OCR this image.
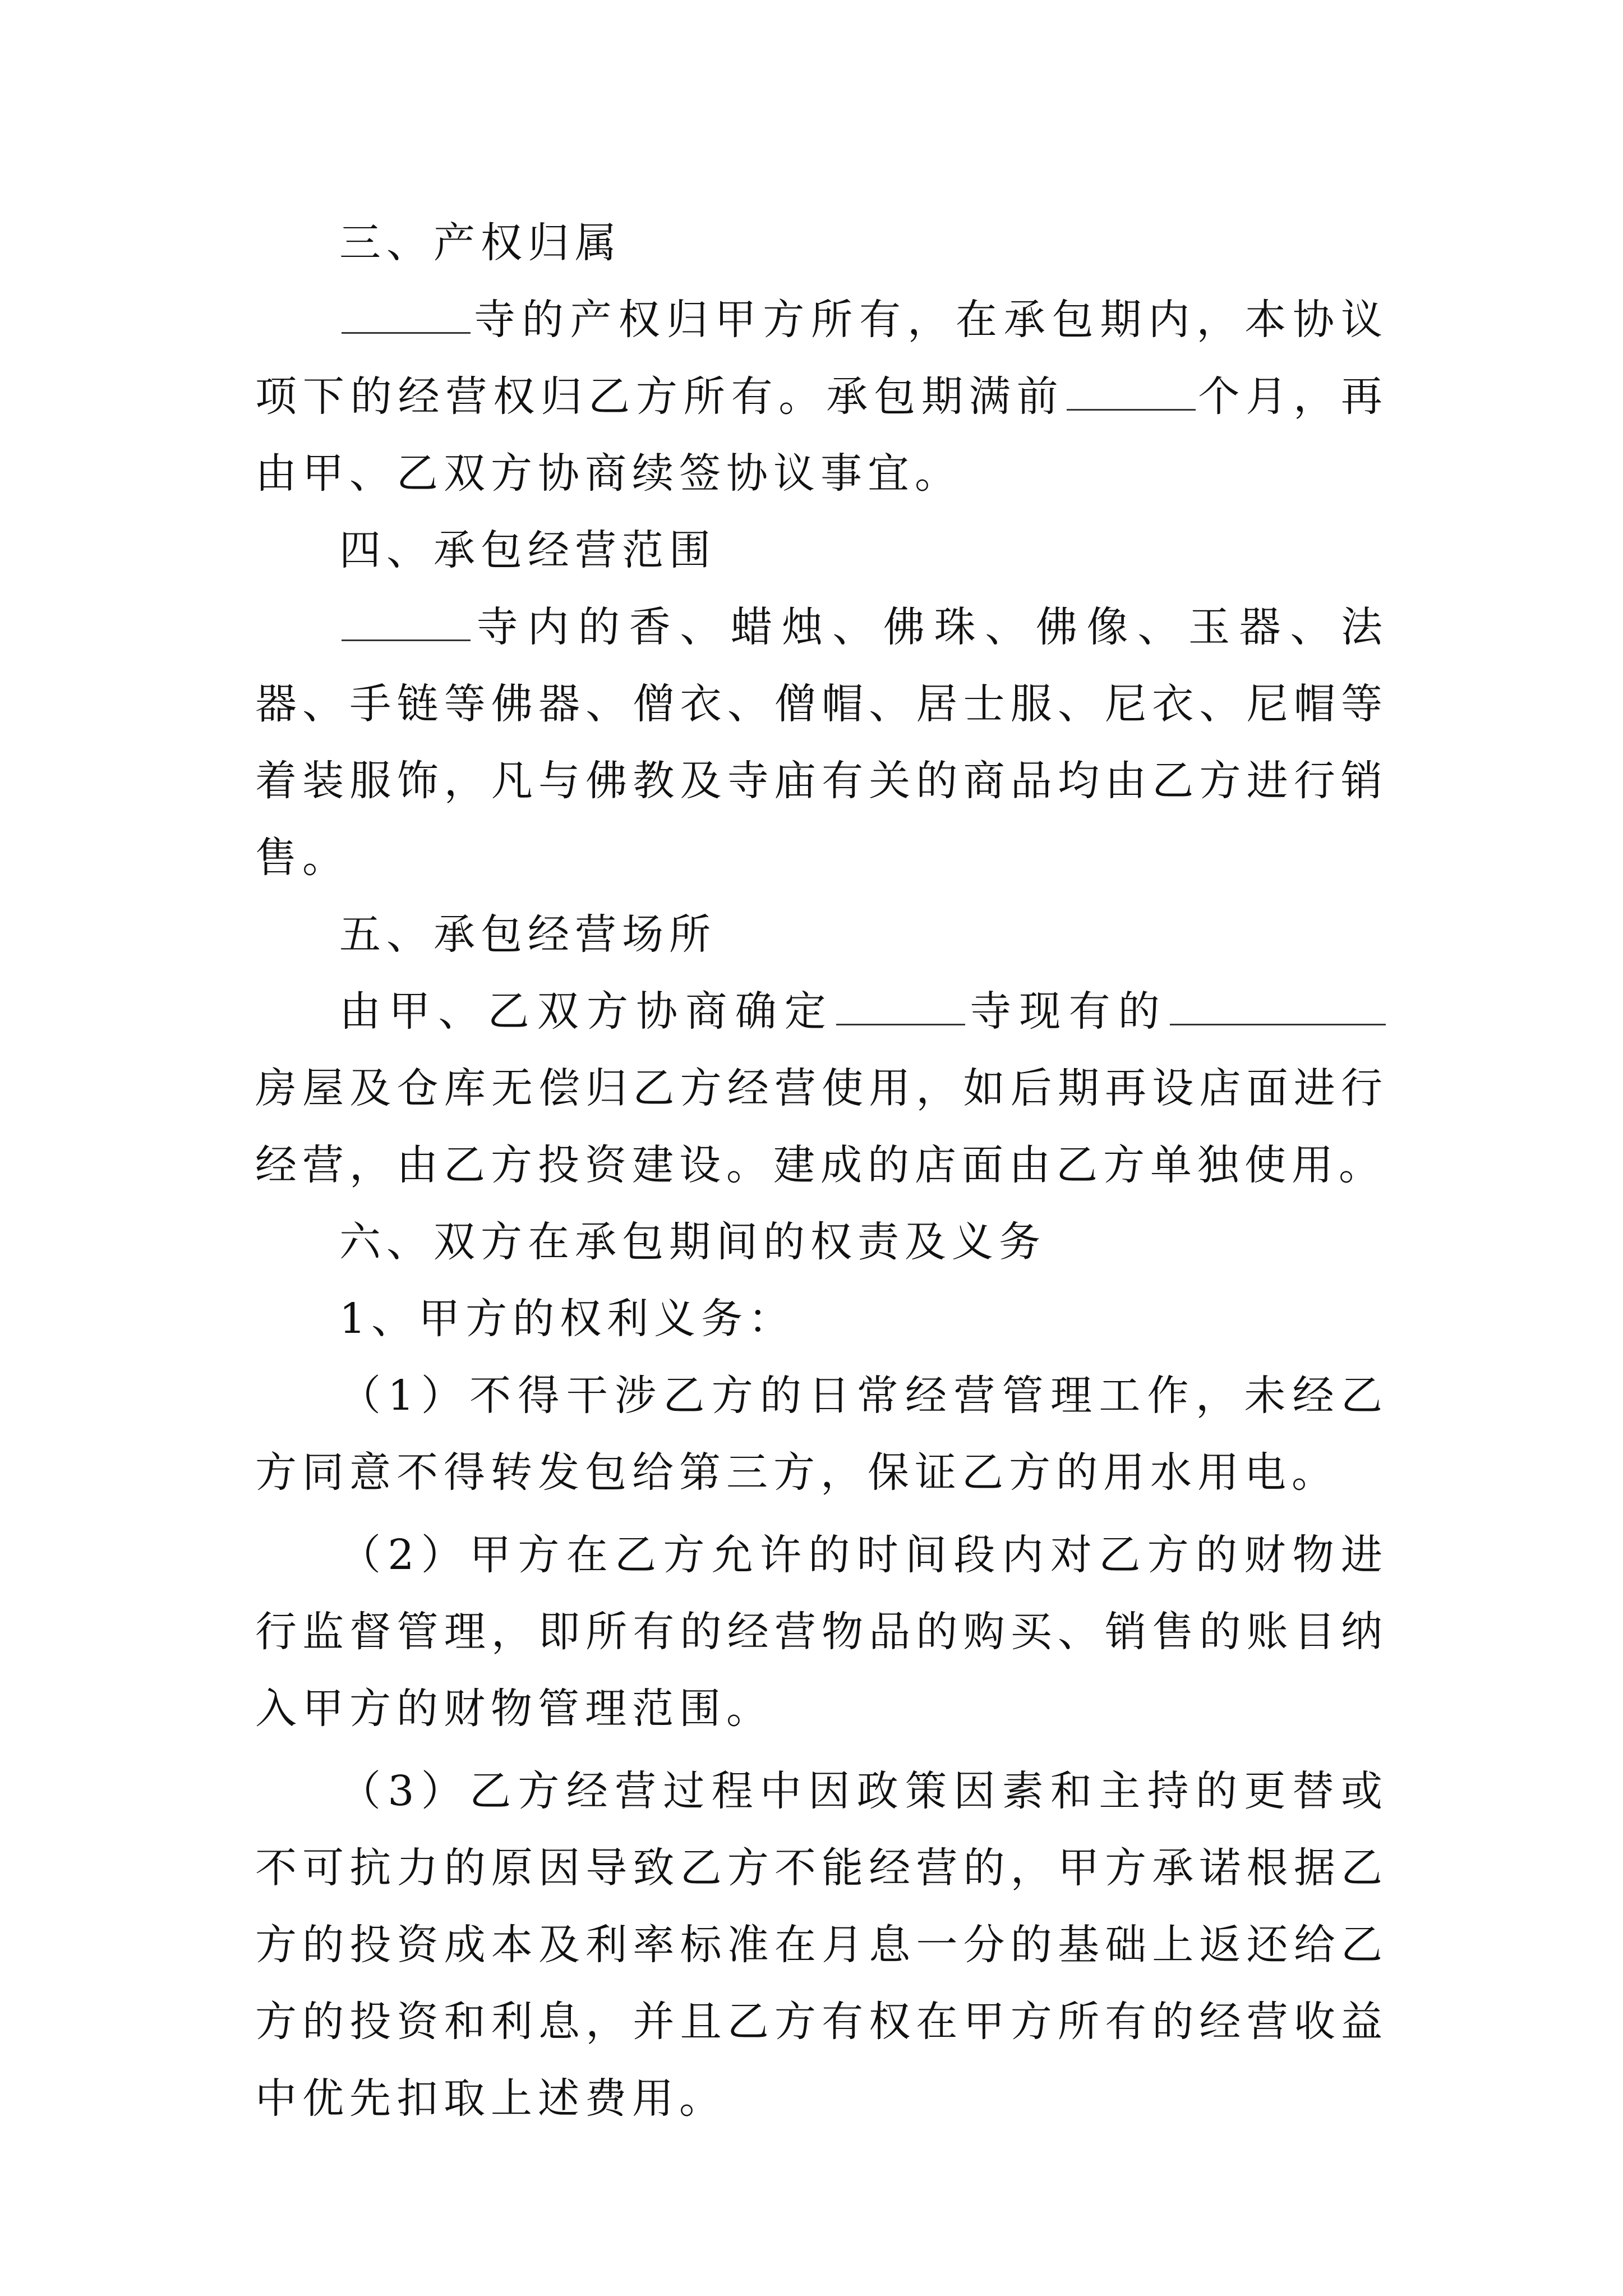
三、产权归属

寺的产权归甲方所有，在承包期内，本协议项下的经营权归乙方所有。承包期满前	个月，再由甲、乙双方协商续签协议事宜。

四、承包经营范围

寺内的香、蜡烛、佛珠、佛像、玉器、法器、手链等佛器、僧衣、僧帽、居士服、尼衣、尼帽等着装服饰，凡与佛教及寺庙有关的商品均由乙方进行销售。

五、承包经营场所

由甲、乙双方协商确定	寺现有的房屋及仓库无偿归乙方经营使用，如后期再设店面进行经营，由乙方投资建设。建成的店面由乙方单独使用。

六、双方在承包期间的权责及义务

1、甲方的权利义务：

（1）不得干涉乙方的日常经营管理工作，未经乙方同意不得转发包给第三方，保证乙方的用水用电。

（2）甲方在乙方允许的时间段内对乙方的财物进行监督管理，即所有的经营物品的购买、销售的账目纳入甲方的财物管理范围。

（3）乙方经营过程中因政策因素和主持的更替或不可抗力的原因导致乙方不能经营的，甲方承诺根据乙方的投资成本及利率标准在月息一分的基础上返还给乙方的投资和利息，并且乙方有权在甲方所有的经营收益中优先扣取上述费用。
